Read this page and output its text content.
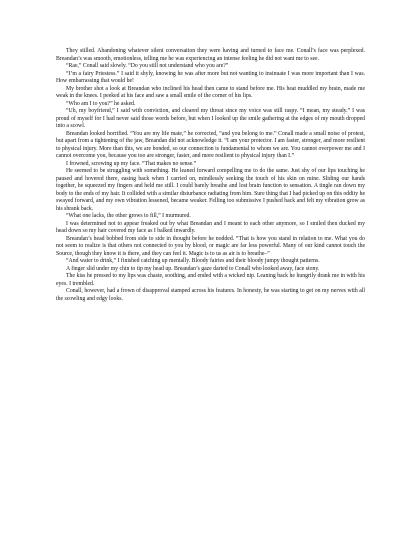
They stilled. Abandoning whatever silent conversation they were having and turned to face me. Conall’s face was perplexed. Breandan’s was smooth, emotionless, telling me he was experiencing an intense feeling he did not want me to see.

“Rae,” Conall said slowly. “Do you still not understand who you are?”

“I’m a fairy Priestess.” I said it shyly, knowing he was after more but not wanting to insinuate I was more important than I was. How embarrassing that would be!

My brother shot a look at Breandan who inclined his head then came to stand before me. His heat muddled my brain, made me weak in the knees. I peeked at his face and saw a small smile of the corner of his lips.

“Who am I to you?” he asked.

“Uh, my boyfriend,” I said with conviction, and cleared my throat since my voice was still raspy. “I mean, my steady.” I was proud of myself for I had never said those words before, but when I looked up the smile gathering at the edges of my mouth dropped into a scowl.

Breandan looked horrified. “You are my life mate,” he corrected, “and you belong to me.” Conall made a small noise of protest, but apart from a tightening of the jaw, Breandan did not acknowledge it. “I am your protector. I am faster, stronger, and more resilient to physical injury. More than this, we are bonded, so our connection is fundamental to whom we are. You cannot overpower me and I cannot overcome you, because you too are stronger, faster, and more resilient to physical injury than I.”

I frowned, screwing up my face. “That makes no sense.”

He seemed to be struggling with something. He leaned forward compelling me to do the same. Just shy of our lips touching he paused and hovered there, easing back when I carried on, mindlessly seeking the touch of his skin on mine. Sliding our hands together, he squeezed my fingers and held me still. I could barely breathe and lost brain function to sensation. A tingle ran down my body to the ends of my hair. It collided with a similar disturbance radiating from him. Sure thing that I had picked up on this oddity he swayed forward, and my own vibration lessened, became weaker. Felling too submissive I pushed back and felt my vibration grow as his shrank back.

“What one lacks, the other grows to fill,” I murmured.

I was determined not to appear freaked out by what Breandan and I meant to each other anymore, so I smiled then ducked my head down so my hair covered my face as I balked inwardly.

Breandan’s head bobbed from side to side in thought before he nodded. “That is how you stand in relation to me. What you do not seem to realize is that others not connected to you by blood, or magic are far less powerful. Many of our kind cannot touch the Source, though they know it is there, and they can feel it. Magic is to us as air is to breathe–”

“And water to drink,” I finished catching up mentally. Bloody fairies and their bloody jumpy thought patterns.

A finger slid under my chin to tip my head up. Breandan’s gaze darted to Conall who looked away, face stony.

The kiss he pressed to my lips was chaste, soothing, and ended with a wicked nip. Leaning back he hungrily drank me in with his eyes. I trembled.

Conall, however, had a frown of disapproval stamped across his features. In honesty, he was starting to get on my nerves with all the scowling and edgy looks.
